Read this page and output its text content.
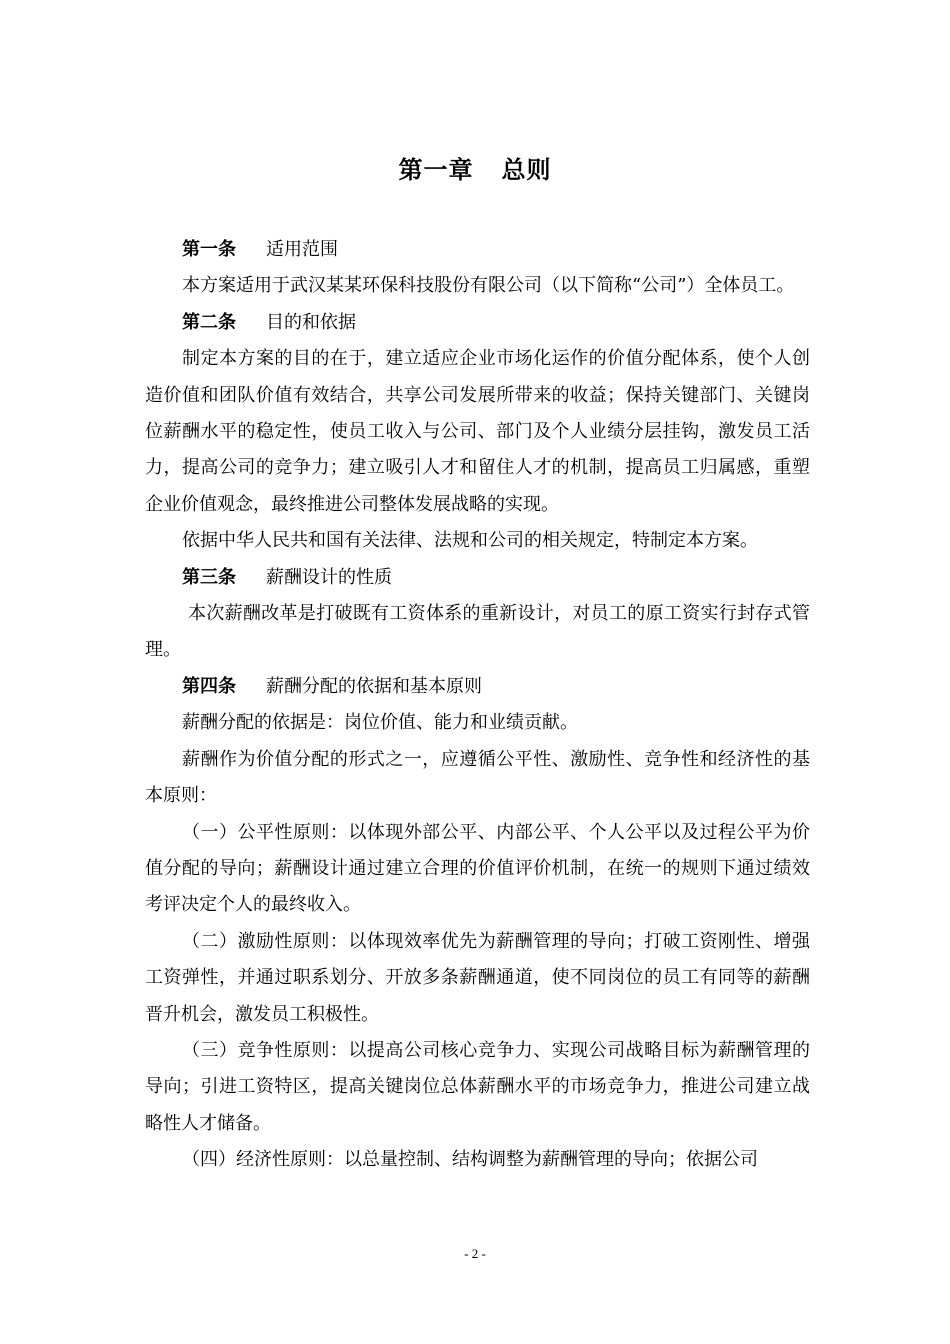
第一章 总则

第一条 适用范围

本方案适用于武汉某某环保科技股份有限公司（以下简称“公司”）全体员工。

第二条 目的和依据

制定本方案的目的在于，建立适应企业市场化运作的价值分配体系，使个人创造价值和团队价值有效结合，共享公司发展所带来的收益；保持关键部门、关键岗位薪酬水平的稳定性，使员工收入与公司、部门及个人业绩分层挂钩，激发员工活力，提高公司的竞争力；建立吸引人才和留住人才的机制，提高员工归属感，重塑企业价值观念，最终推进公司整体发展战略的实现。

依据中华人民共和国有关法律、法规和公司的相关规定，特制定本方案。

第三条 薪酬设计的性质

本次薪酬改革是打破既有工资体系的重新设计，对员工的原工资实行封存式管理。

第四条 薪酬分配的依据和基本原则

薪酬分配的依据是：岗位价值、能力和业绩贡献。

薪酬作为价值分配的形式之一，应遵循公平性、激励性、竞争性和经济性的基本原则：

（一）公平性原则：以体现外部公平、内部公平、个人公平以及过程公平为价值分配的导向；薪酬设计通过建立合理的价值评价机制，在统一的规则下通过绩效考评决定个人的最终收入。

（二）激励性原则：以体现效率优先为薪酬管理的导向；打破工资刚性、增强工资弹性，并通过职系划分、开放多条薪酬通道，使不同岗位的员工有同等的薪酬晋升机会，激发员工积极性。

（三）竞争性原则：以提高公司核心竞争力、实现公司战略目标为薪酬管理的导向；引进工资特区，提高关键岗位总体薪酬水平的市场竞争力，推进公司建立战略性人才储备。

（四）经济性原则：以总量控制、结构调整为薪酬管理的导向；依据公司

- 2 -
